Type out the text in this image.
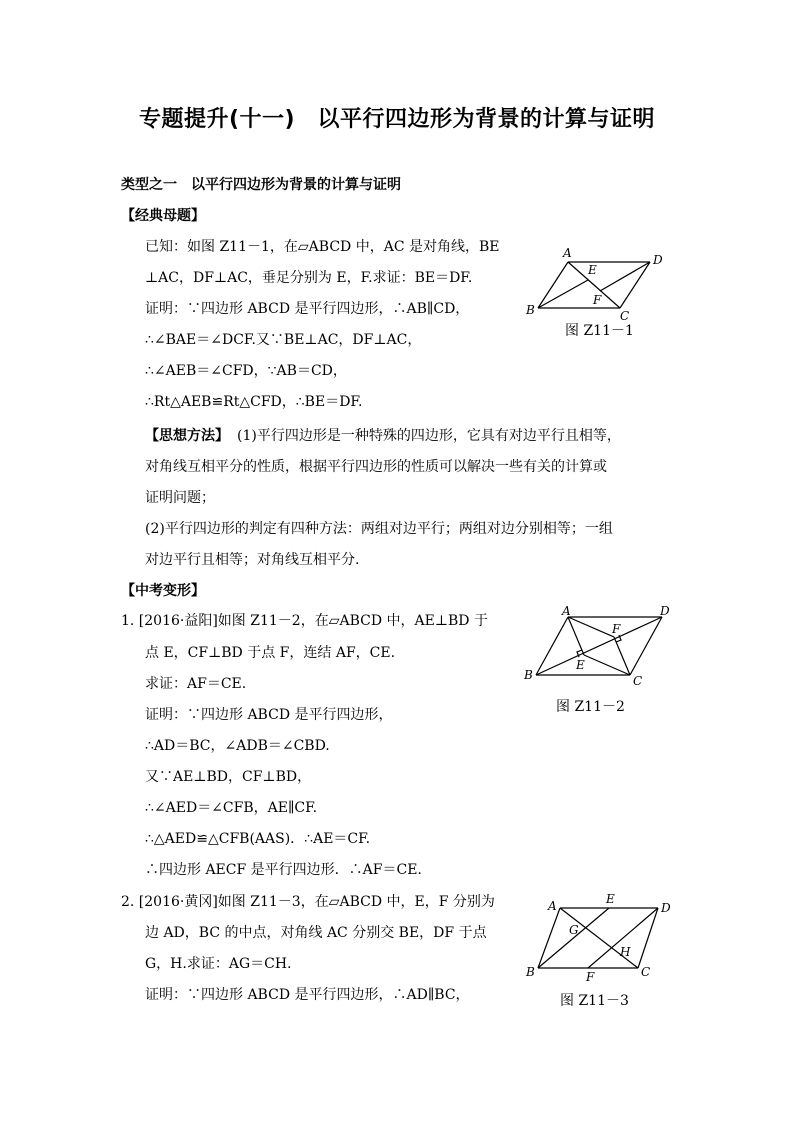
专题提升(十一)　以平行四边形为背景的计算与证明
类型之一　以平行四边形为背景的计算与证明
【经典母题】
已知：如图 Z11－1，在▱ABCD 中，AC 是对角线，BE
⊥AC，DF⊥AC，垂足分别为 E，F.求证：BE＝DF.
证明：∵四边形 ABCD 是平行四边形，∴AB∥CD，
∴∠BAE＝∠DCF.又∵BE⊥AC，DF⊥AC，
∴∠AEB＝∠CFD，∵AB＝CD，
∴Rt△AEB≌Rt△CFD，∴BE＝DF.
A	D
B	C
E
F
图 Z11－1
【思想方法】 (1)平行四边形是一种特殊的四边形，它具有对边平行且相等，
对角线互相平分的性质，根据平行四边形的性质可以解决一些有关的计算或
证明问题；
(2)平行四边形的判定有四种方法：两组对边平行；两组对边分别相等；一组
对边平行且相等；对角线互相平分.
【中考变形】
1. [2016·益阳]如图 Z11－2，在▱ABCD 中，AE⊥BD 于
点 E，CF⊥BD 于点 F，连结 AF，CE.
求证：AF＝CE.
证明：∵四边形 ABCD 是平行四边形，
∴AD＝BC，∠ADB＝∠CBD.
又∵AE⊥BD，CF⊥BD，
∴∠AED＝∠CFB，AE∥CF.
∴△AED≌△CFB(AAS)．∴AE＝CF.
∴四边形 AECF 是平行四边形．∴AF＝CE.
A	D
B	C
E
F
图 Z11－2
2. [2016·黄冈]如图 Z11－3，在▱ABCD 中，E，F 分别为
边 AD，BC 的中点，对角线 AC 分别交 BE，DF 于点
G，H.求证：AG＝CH.
证明：∵四边形 ABCD 是平行四边形，∴AD∥BC，
A	D
B	C
E
F
G
H
图 Z11－3
